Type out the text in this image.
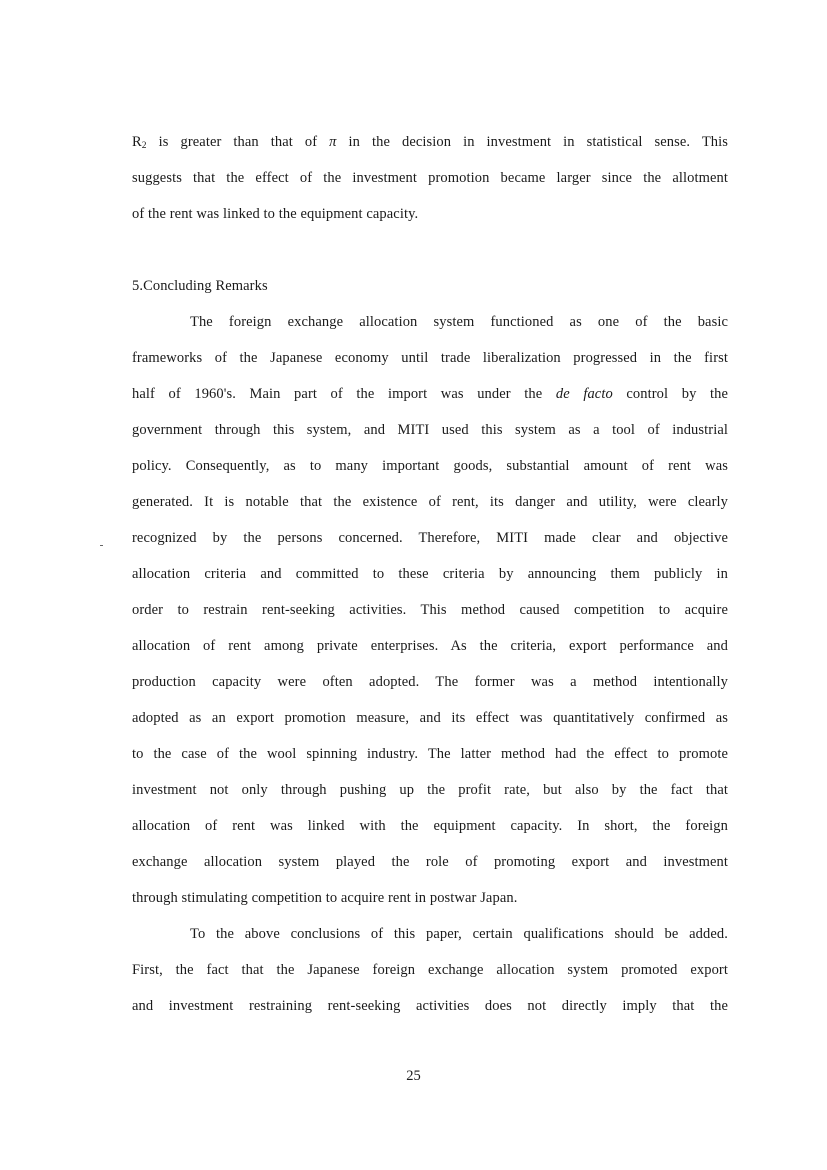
R2 is greater than that of π in the decision in investment in statistical sense. This
suggests that the effect of the investment promotion became larger since the allotment
of the rent was linked to the equipment capacity.
5.Concluding Remarks
The foreign exchange allocation system functioned as one of the basic
frameworks of the Japanese economy until trade liberalization progressed in the first
half of 1960's. Main part of the import was under the de facto control by the
government through this system, and MITI used this system as a tool of industrial
policy. Consequently, as to many important goods, substantial amount of rent was
generated. It is notable that the existence of rent, its danger and utility, were clearly
recognized by the persons concerned. Therefore, MITI made clear and objective
allocation criteria and committed to these criteria by announcing them publicly in
order to restrain rent-seeking activities. This method caused competition to acquire
allocation of rent among private enterprises. As the criteria, export performance and
production capacity were often adopted. The former was a method intentionally
adopted as an export promotion measure, and its effect was quantitatively confirmed as
to the case of the wool spinning industry. The latter method had the effect to promote
investment not only through pushing up the profit rate, but also by the fact that
allocation of rent was linked with the equipment capacity. In short, the foreign
exchange allocation system played the role of promoting export and investment
through stimulating competition to acquire rent in postwar Japan.
To the above conclusions of this paper, certain qualifications should be added.
First, the fact that the Japanese foreign exchange allocation system promoted export
and investment restraining rent-seeking activities does not directly imply that the
25
